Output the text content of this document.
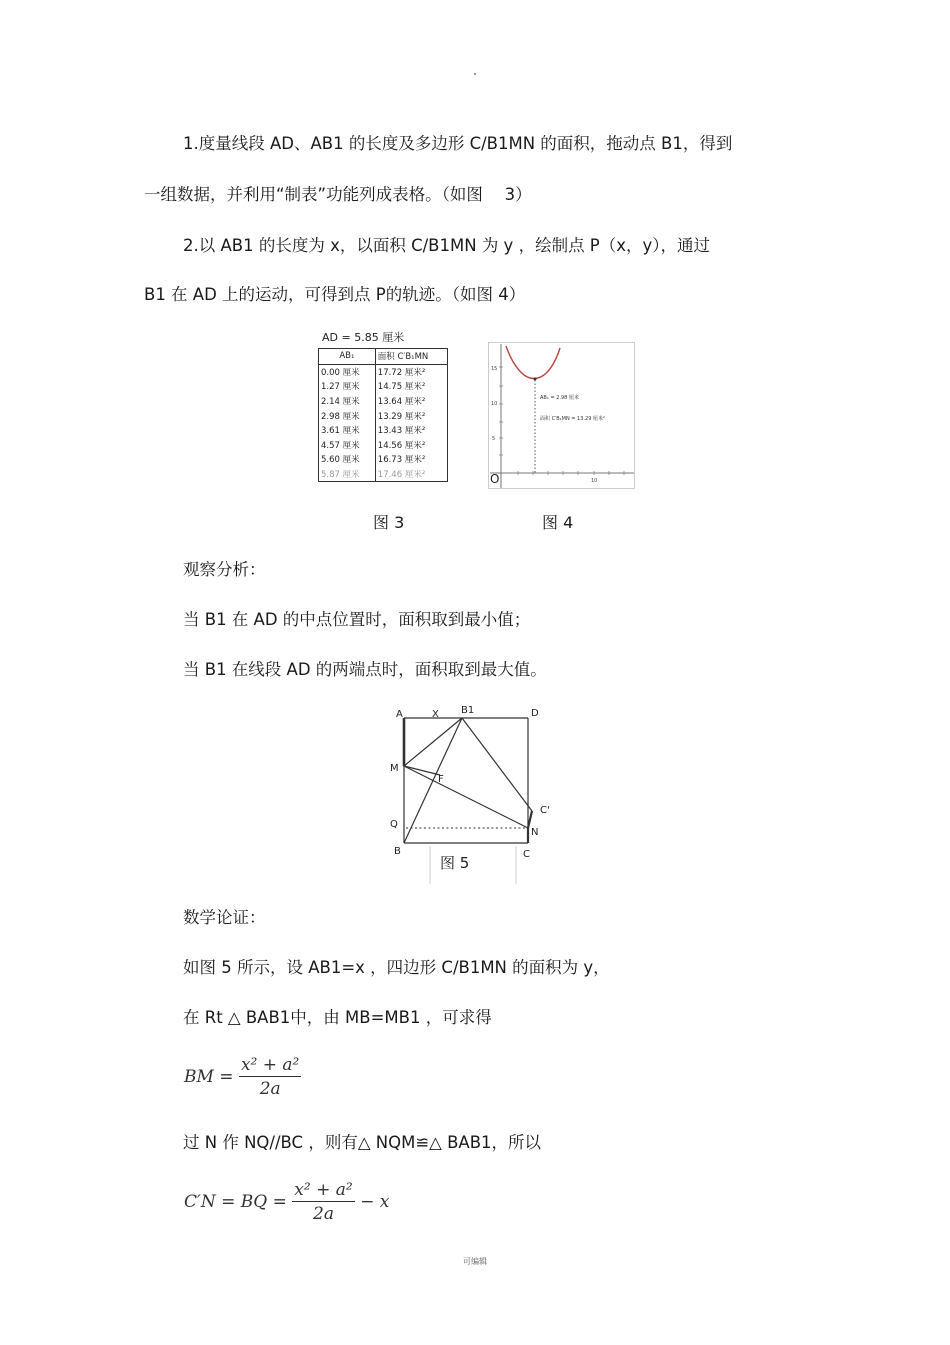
1.度量线段 AD、AB1 的长度及多边形 C/B1MN 的面积，拖动点 B1，得到
一组数据，并利用“制表”功能列成表格。（如图　 3）
2.以 AB1 的长度为 x，以面积 C/B1MN 为 y ，绘制点 P（x，y），通过
B1 在 AD 上的运动，可得到点 P的轨迹。（如图 4）
AD = 5.85 厘米
AB₁	面积 C′B₁MN
0.00 厘米	17.72 厘米²
1.27 厘米	14.75 厘米²
2.14 厘米	13.64 厘米²
2.98 厘米	13.29 厘米²
3.61 厘米	13.43 厘米²
4.57 厘米	14.56 厘米²
5.60 厘米	16.73 厘米²
5.87 厘米	17.46 厘米²
15
10
5
10
O
AB₁ = 2.98 厘米
面积 C′B₁MN = 13.29 厘米²
图 3	图 4
观察分析：
当 B1 在 AD 的中点位置时，面积取到最小值；
当 B1 在线段 AD 的两端点时，面积取到最大值。
A	X B1	D
M
F
C'
Q
N
B	C
图 5
数学论证：
如图 5 所示，设 AB1=x ，四边形 C/B1MN 的面积为 y，
在 Rt △ BAB1中，由 MB=MB1 ，可求得
BM = $\frac{\text{x² + a²}}{2a}$
过 N 作 NQ//BC ，则有△ NQM≌△ BAB1，所以
C′N = BQ = $\frac{\text{x² + a²}}{2a} - x$
可编辑
